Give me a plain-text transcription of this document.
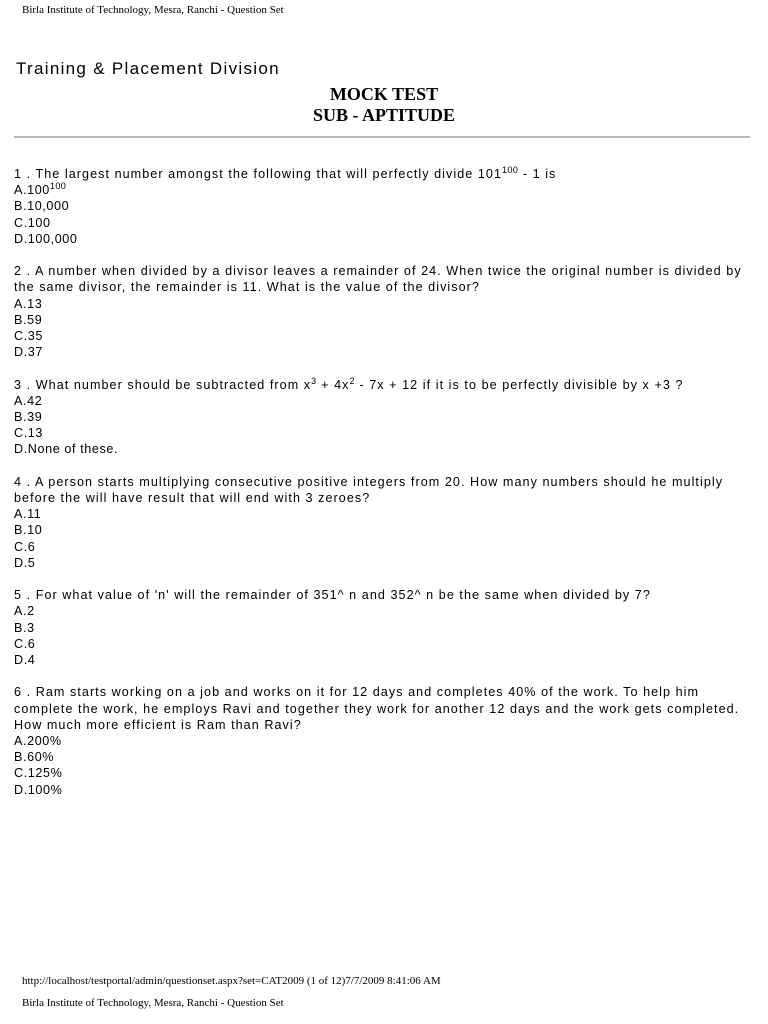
Birla Institute of Technology, Mesra, Ranchi - Question Set
Training & Placement Division
MOCK TEST
SUB - APTITUDE
1 . The largest number amongst the following that will perfectly divide $101^{100} - 1$ is
A.100$^{100}$
B.10,000
C.100
D.100,000
2 . A number when divided by a divisor leaves a remainder of 24. When twice the original number is divided by the same divisor, the remainder is 11. What is the value of the divisor?
A.13
B.59
C.35
D.37
3 . What number should be subtracted from $x^3 + 4x^2 - 7x + 12$ if it is to be perfectly divisible by x +3 ?
A.42
B.39
C.13
D.None of these.
4 . A person starts multiplying consecutive positive integers from 20. How many numbers should he multiply before the will have result that will end with 3 zeroes?
A.11
B.10
C.6
D.5
5 . For what value of 'n' will the remainder of 351^ n and 352^ n be the same when divided by 7?
A.2
B.3
C.6
D.4
6 . Ram starts working on a job and works on it for 12 days and completes 40% of the work. To help him complete the work, he employs Ravi and together they work for another 12 days and the work gets completed. How much more efficient is Ram than Ravi?
A.200%
B.60%
C.125%
D.100%
http://localhost/testportal/admin/questionset.aspx?set=CAT2009 (1 of 12)7/7/2009 8:41:06 AM
Birla Institute of Technology, Mesra, Ranchi - Question Set
